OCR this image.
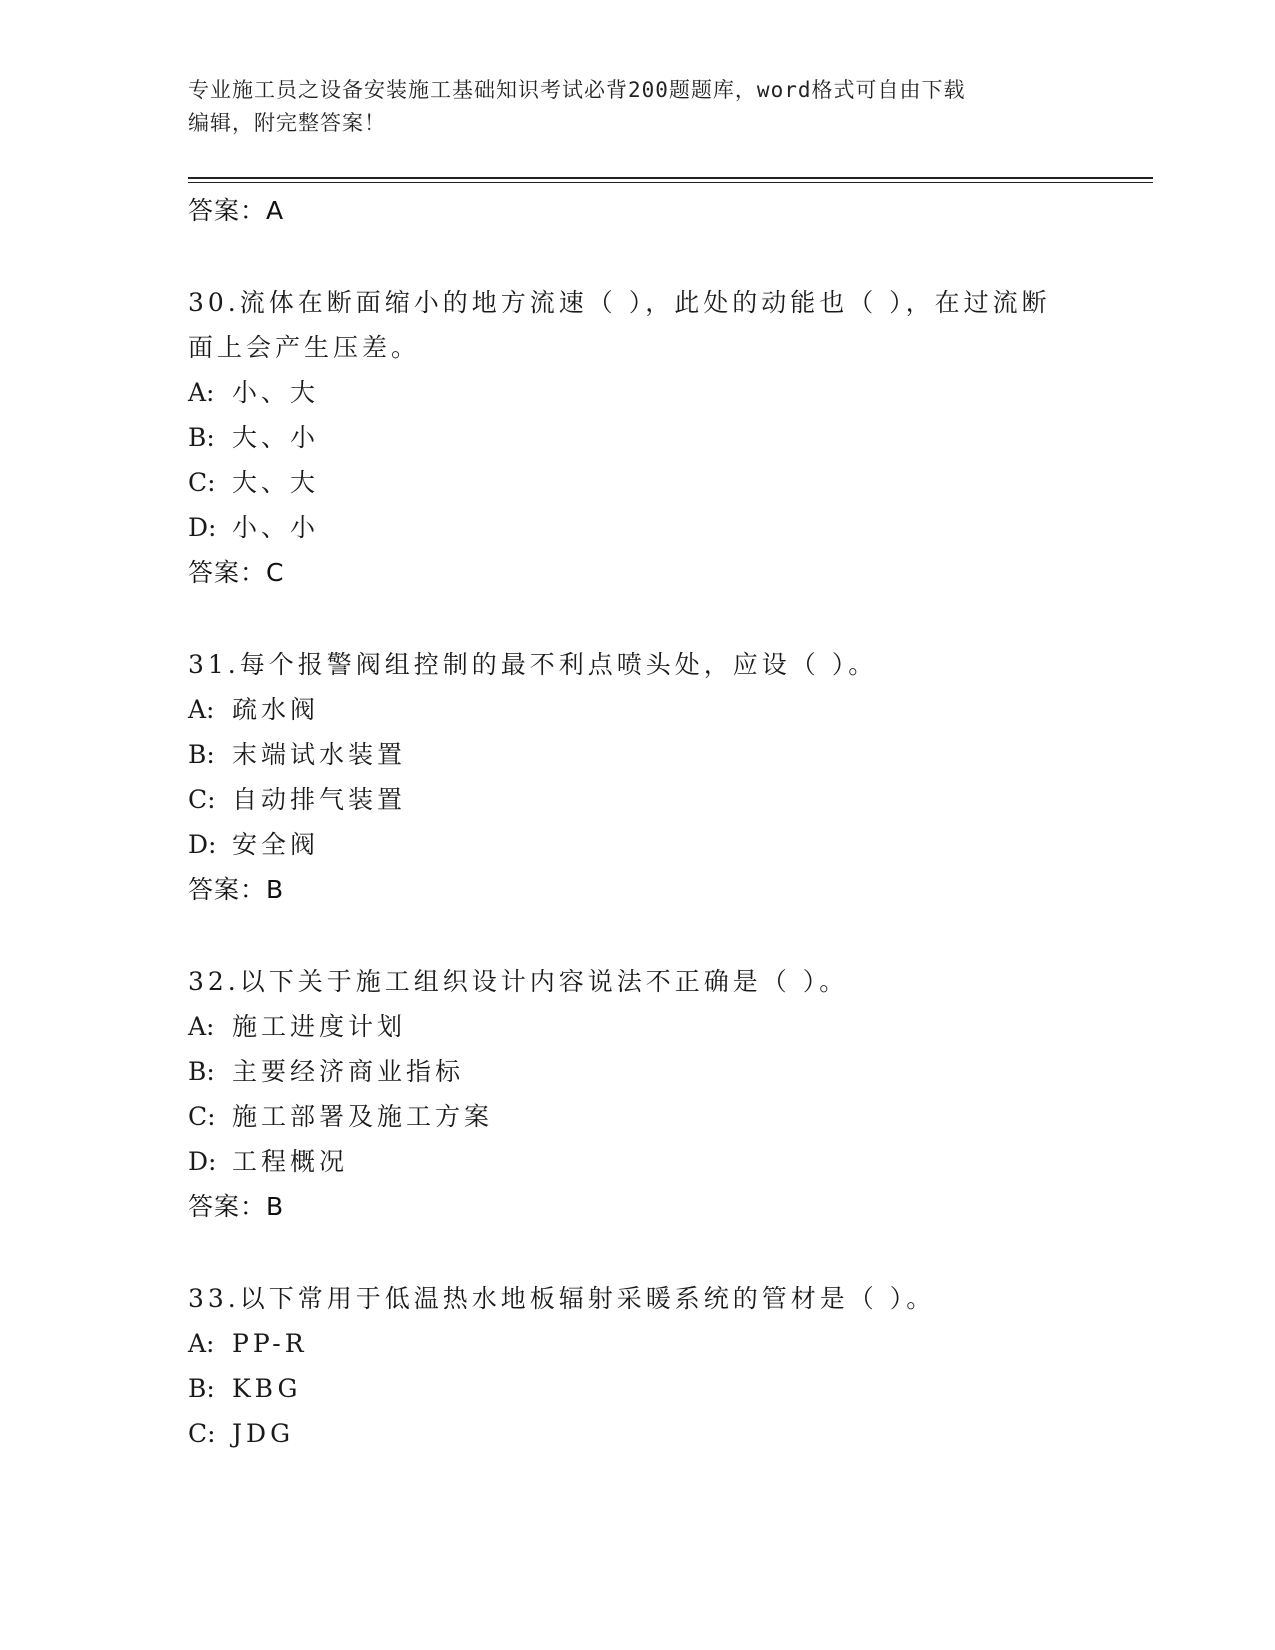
专业施工员之设备安装施工基础知识考试必背200题题库，word格式可自由下载
编辑，附完整答案！
答案：A
30.流体在断面缩小的地方流速（ ），此处的动能也（ ），在过流断
面上会产生压差。
A: 小、大
B: 大、小
C: 大、大
D: 小、小
答案：C
31.每个报警阀组控制的最不利点喷头处，应设（ ）。
A: 疏水阀
B: 末端试水装置
C: 自动排气装置
D: 安全阀
答案：B
32.以下关于施工组织设计内容说法不正确是（ ）。
A: 施工进度计划
B: 主要经济商业指标
C: 施工部署及施工方案
D: 工程概况
答案：B
33.以下常用于低温热水地板辐射采暖系统的管材是（ ）。
A: PP-R
B: KBG
C: JDG
